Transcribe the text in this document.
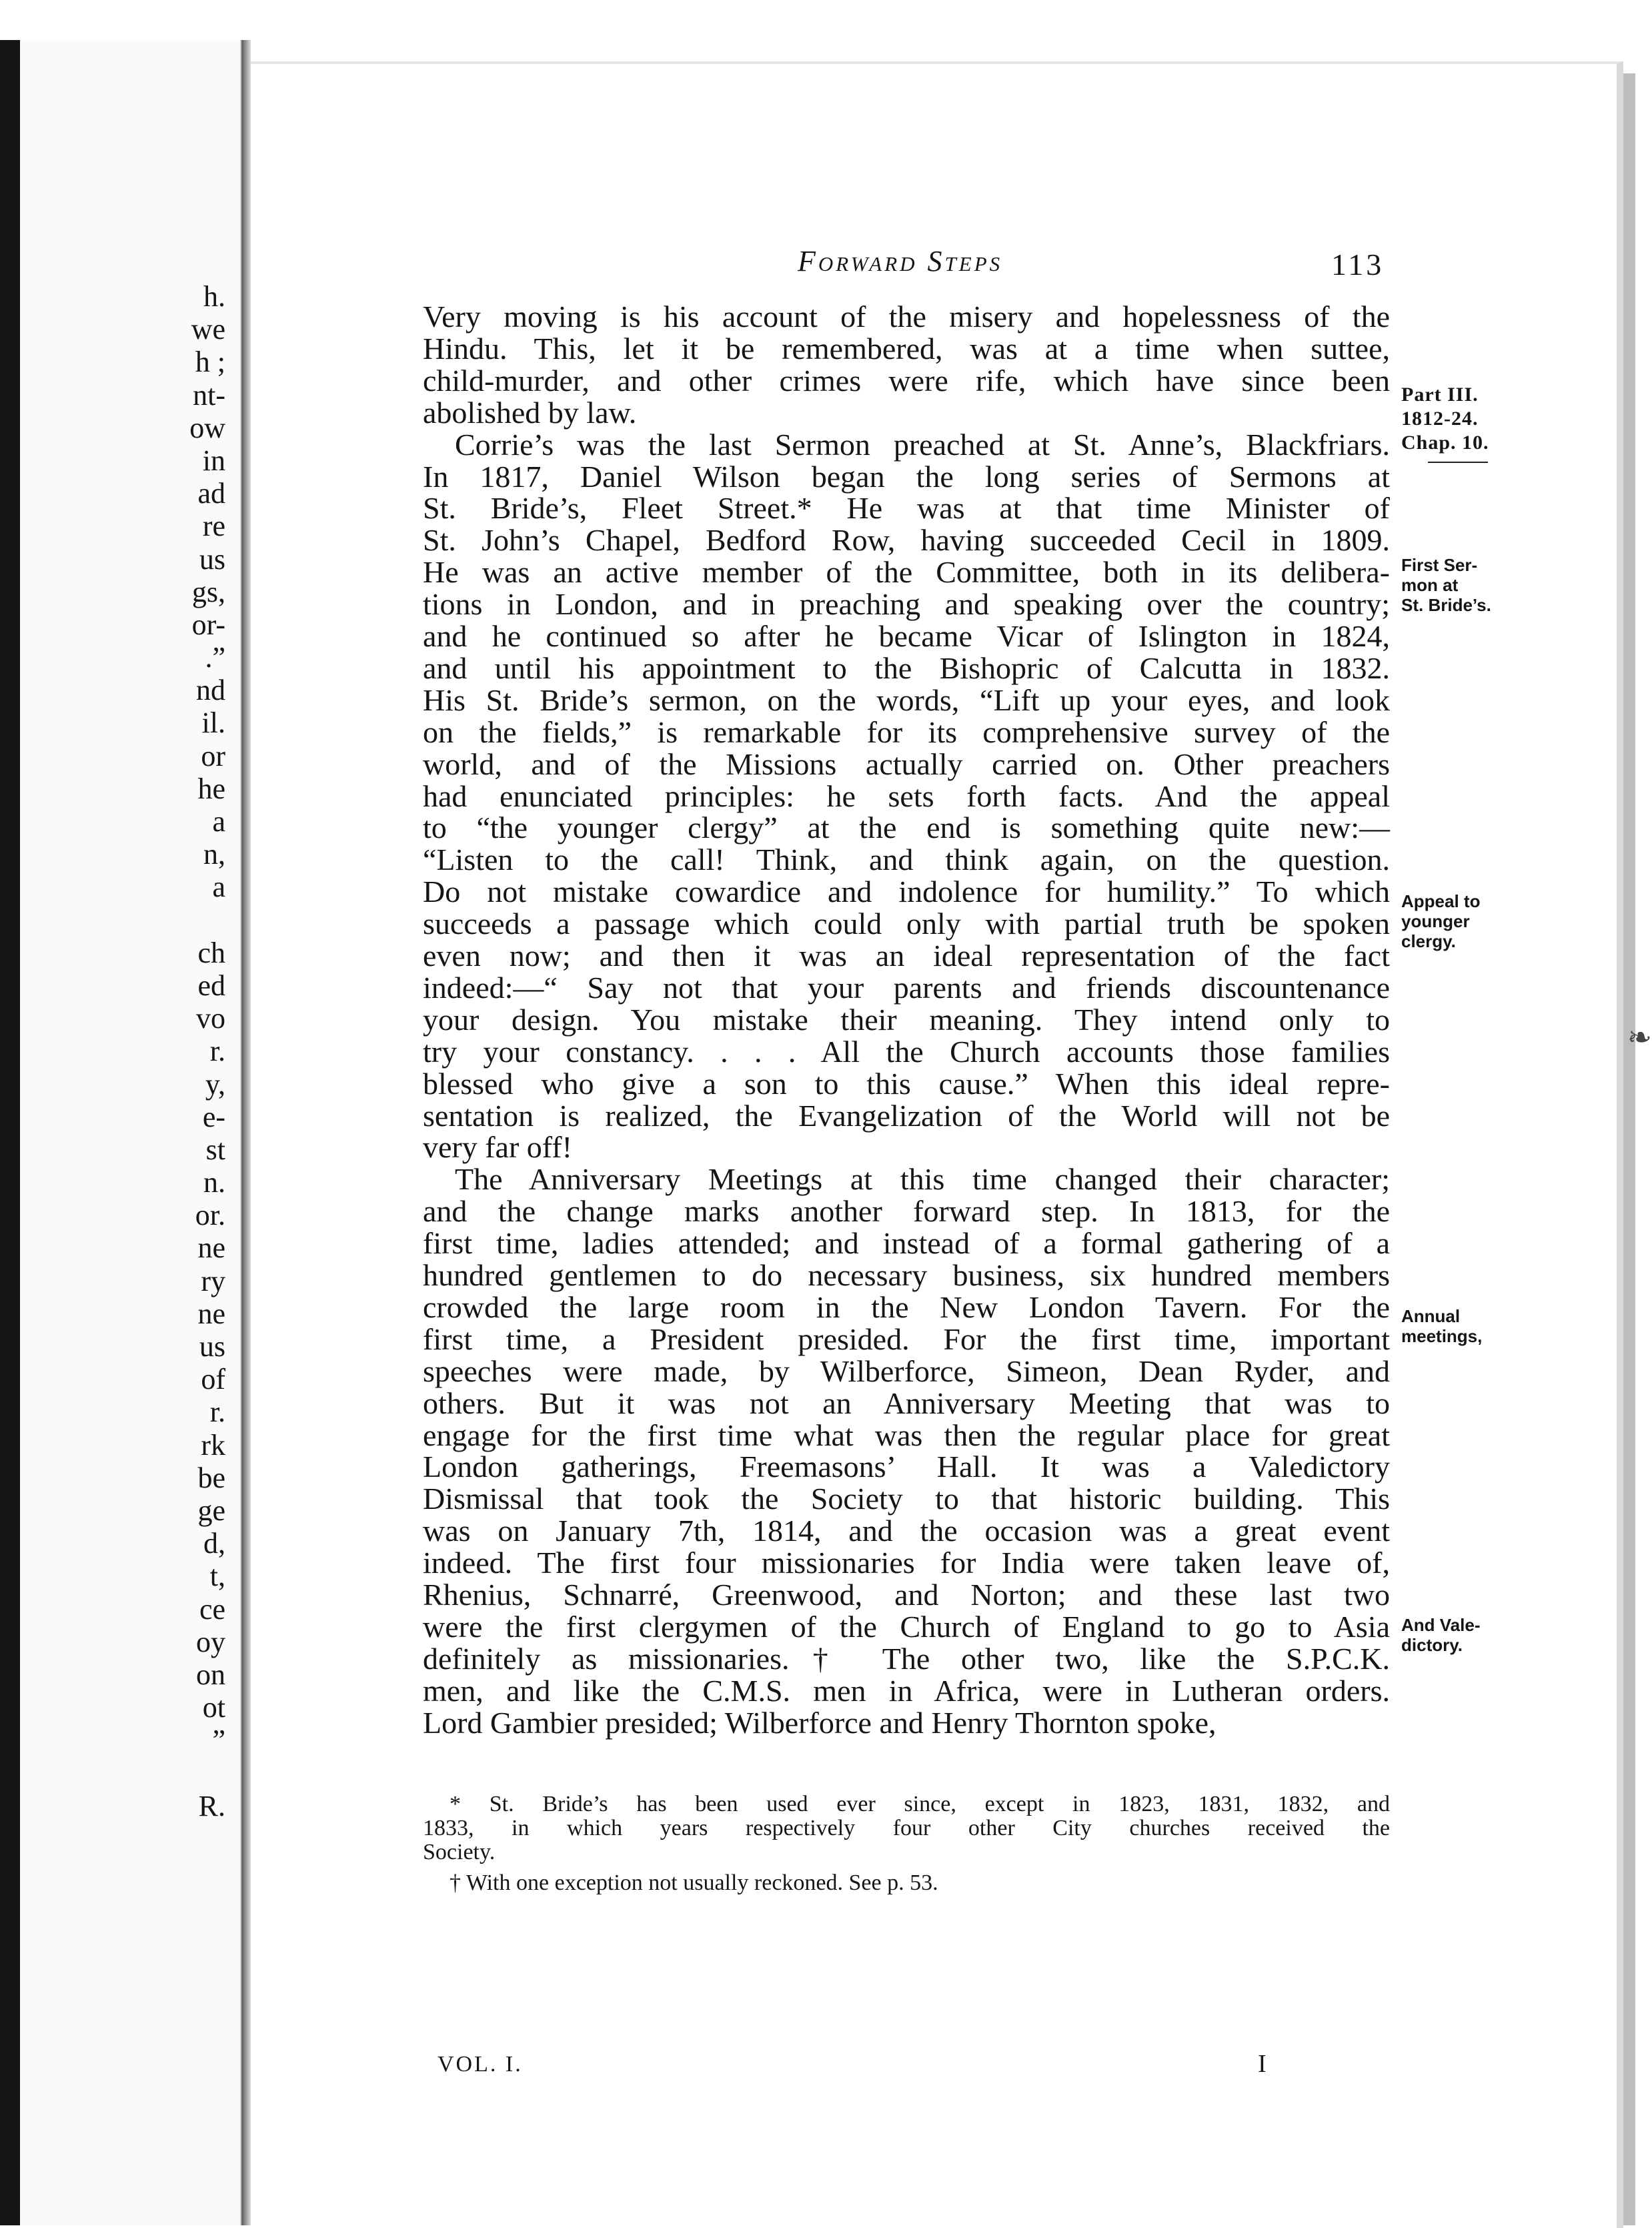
h.
we
h ;
nt-
ow
in
ad
re
us
gs,
or-
.”
nd
il.
or
he
a
n,
a
ch
ed
vo
r.
y,
e-
st
n.
or.
ne
ry
ne
us
of
r.
rk
be
ge
d,
t,
ce
oy
on
ot
”
R.
Forward Steps	113
Very moving is his account of the misery and hopelessness of the
Hindu. This, let it be remembered, was at a time when suttee,
child-murder, and other crimes were rife, which have since been
abolished by law.
Corrie’s was the last Sermon preached at St. Anne’s, Blackfriars.
In 1817, Daniel Wilson began the long series of Sermons at
St. Bride’s, Fleet Street.* He was at that time Minister of
St. John’s Chapel, Bedford Row, having succeeded Cecil in 1809.
He was an active member of the Committee, both in its delibera-
tions in London, and in preaching and speaking over the country;
and he continued so after he became Vicar of Islington in 1824,
and until his appointment to the Bishopric of Calcutta in 1832.
His St. Bride’s sermon, on the words, “Lift up your eyes, and look
on the fields,” is remarkable for its comprehensive survey of the
world, and of the Missions actually carried on. Other preachers
had enunciated principles: he sets forth facts. And the appeal
to “the younger clergy” at the end is something quite new:—
“Listen to the call! Think, and think again, on the question.
Do not mistake cowardice and indolence for humility.” To which
succeeds a passage which could only with partial truth be spoken
even now; and then it was an ideal representation of the fact
indeed:—“ Say not that your parents and friends discountenance
your design. You mistake their meaning. They intend only to
try your constancy. . . . All the Church accounts those families
blessed who give a son to this cause.” When this ideal repre-
sentation is realized, the Evangelization of the World will not be
very far off!
The Anniversary Meetings at this time changed their character;
and the change marks another forward step. In 1813, for the
first time, ladies attended; and instead of a formal gathering of a
hundred gentlemen to do necessary business, six hundred members
crowded the large room in the New London Tavern. For the
first time, a President presided. For the first time, important
speeches were made, by Wilberforce, Simeon, Dean Ryder, and
others. But it was not an Anniversary Meeting that was to
engage for the first time what was then the regular place for great
London gatherings, Freemasons’ Hall. It was a Valedictory
Dismissal that took the Society to that historic building. This
was on January 7th, 1814, and the occasion was a great event
indeed. The first four missionaries for India were taken leave of,
Rhenius, Schnarré, Greenwood, and Norton; and these last two
were the first clergymen of the Church of England to go to Asia
definitely as missionaries.† The other two, like the S.P.C.K.
men, and like the C.M.S. men in Africa, were in Lutheran orders.
Lord Gambier presided; Wilberforce and Henry Thornton spoke,
Part III.
1812-24.
Chap. 10.
First Ser-
mon at
St. Bride’s.
Appeal to
younger
clergy.
Annual
meetings,
And Vale-
dictory.
* St. Bride’s has been used ever since, except in 1823, 1831, 1832, and
1833, in which years respectively four other City churches received the
Society.
† With one exception not usually reckoned. See p. 53.
VOL. I.	I
❧
